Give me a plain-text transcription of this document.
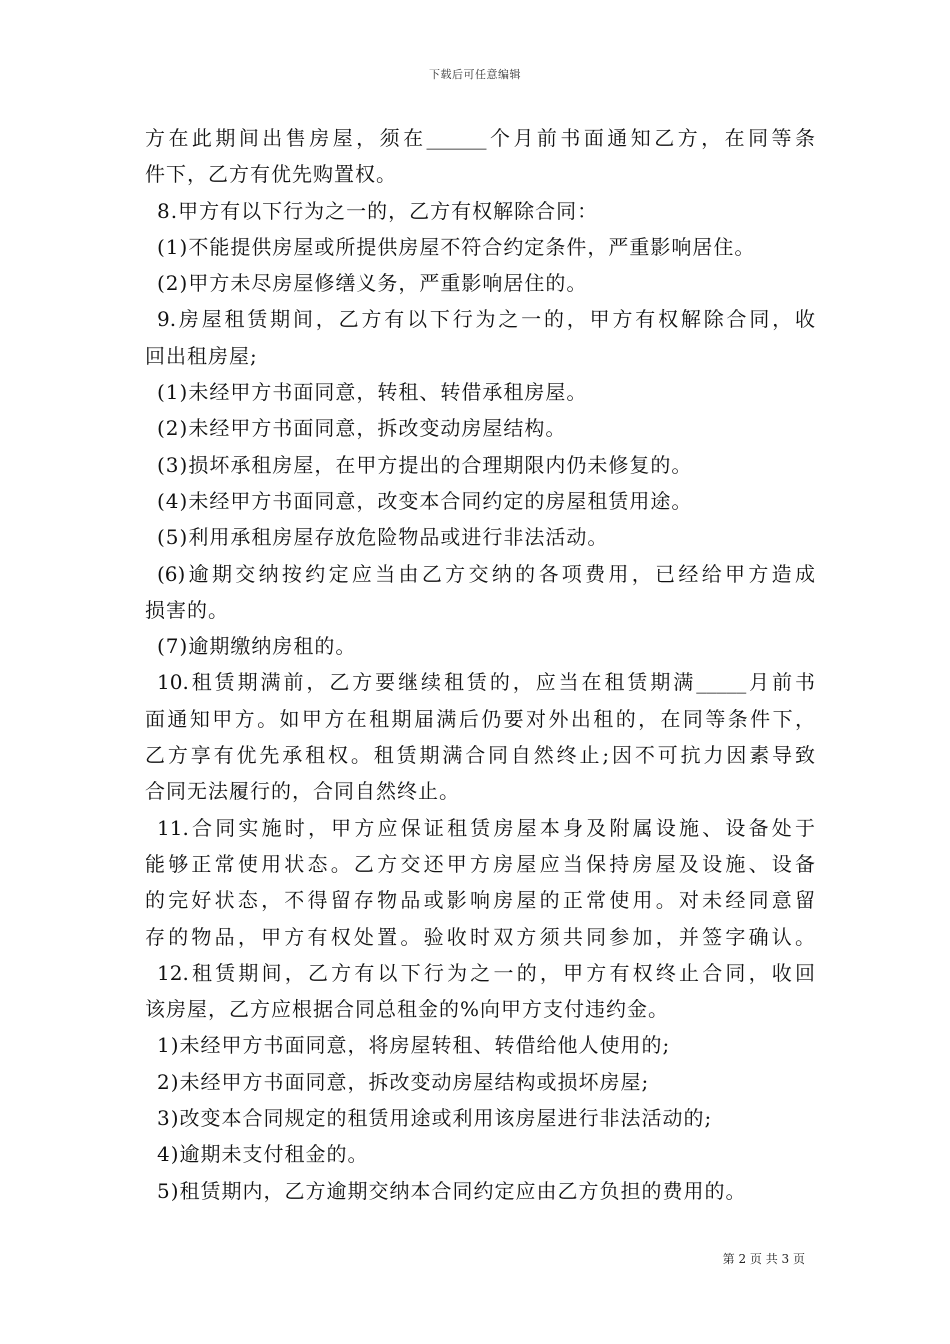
下载后可任意编辑
方在此期间出售房屋，须在______个月前书面通知乙方，在同等条
件下，乙方有优先购置权。
8.甲方有以下行为之一的，乙方有权解除合同：
(1)不能提供房屋或所提供房屋不符合约定条件，严重影响居住。
(2)甲方未尽房屋修缮义务，严重影响居住的。
9.房屋租赁期间，乙方有以下行为之一的，甲方有权解除合同，收
回出租房屋;
(1)未经甲方书面同意，转租、转借承租房屋。
(2)未经甲方书面同意，拆改变动房屋结构。
(3)损坏承租房屋，在甲方提出的合理期限内仍未修复的。
(4)未经甲方书面同意，改变本合同约定的房屋租赁用途。
(5)利用承租房屋存放危险物品或进行非法活动。
(6)逾期交纳按约定应当由乙方交纳的各项费用，已经给甲方造成
损害的。
(7)逾期缴纳房租的。
10.租赁期满前，乙方要继续租赁的，应当在租赁期满_____月前书
面通知甲方。如甲方在租期届满后仍要对外出租的，在同等条件下，
乙方享有优先承租权。租赁期满合同自然终止;因不可抗力因素导致
合同无法履行的，合同自然终止。
11.合同实施时，甲方应保证租赁房屋本身及附属设施、设备处于
能够正常使用状态。乙方交还甲方房屋应当保持房屋及设施、设备
的完好状态，不得留存物品或影响房屋的正常使用。对未经同意留
存的物品，甲方有权处置。验收时双方须共同参加，并签字确认。
12.租赁期间，乙方有以下行为之一的，甲方有权终止合同，收回
该房屋，乙方应根据合同总租金的%向甲方支付违约金。
1)未经甲方书面同意，将房屋转租、转借给他人使用的;
2)未经甲方书面同意，拆改变动房屋结构或损坏房屋;
3)改变本合同规定的租赁用途或利用该房屋进行非法活动的;
4)逾期未支付租金的。
5)租赁期内，乙方逾期交纳本合同约定应由乙方负担的费用的。
第 2 页 共 3 页
